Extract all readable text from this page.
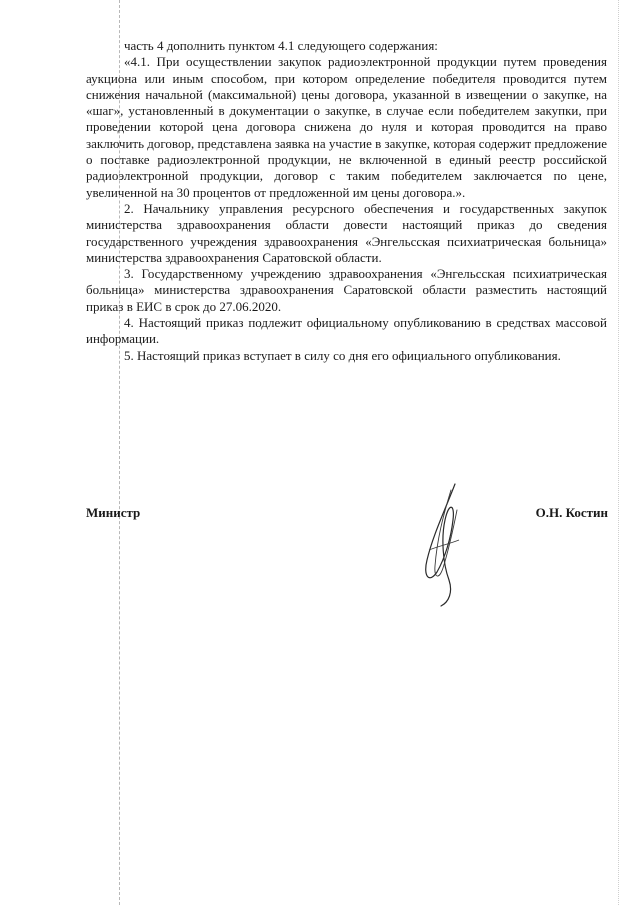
часть 4 дополнить пунктом 4.1 следующего содержания:

«4.1. При осуществлении закупок радиоэлектронной продукции путем проведения аукциона или иным способом, при котором определение победителя проводится путем снижения начальной (максимальной) цены договора, указанной в извещении о закупке, на «шаг», установленный в документации о закупке, в случае если победителем закупки, при проведении которой цена договора снижена до нуля и которая проводится на право заключить договор, представлена заявка на участие в закупке, которая содержит предложение о поставке радиоэлектронной продукции, не включенной в единый реестр российской радиоэлектронной продукции, договор с таким победителем заключается по цене, увеличенной на 30 процентов от предложенной им цены договора.».

2. Начальнику управления ресурсного обеспечения и государственных закупок министерства здравоохранения области довести настоящий приказ до сведения государственного учреждения здравоохранения «Энгельсская психиатрическая больница» министерства здравоохранения Саратовской области.

3. Государственному учреждению здравоохранения «Энгельсская психиатрическая больница» министерства здравоохранения Саратовской области разместить настоящий приказ в ЕИС в срок до 27.06.2020.

4. Настоящий приказ подлежит официальному опубликованию в средствах массовой информации.

5. Настоящий приказ вступает в силу со дня его официального опубликования.

Министр	О.Н. Костин
